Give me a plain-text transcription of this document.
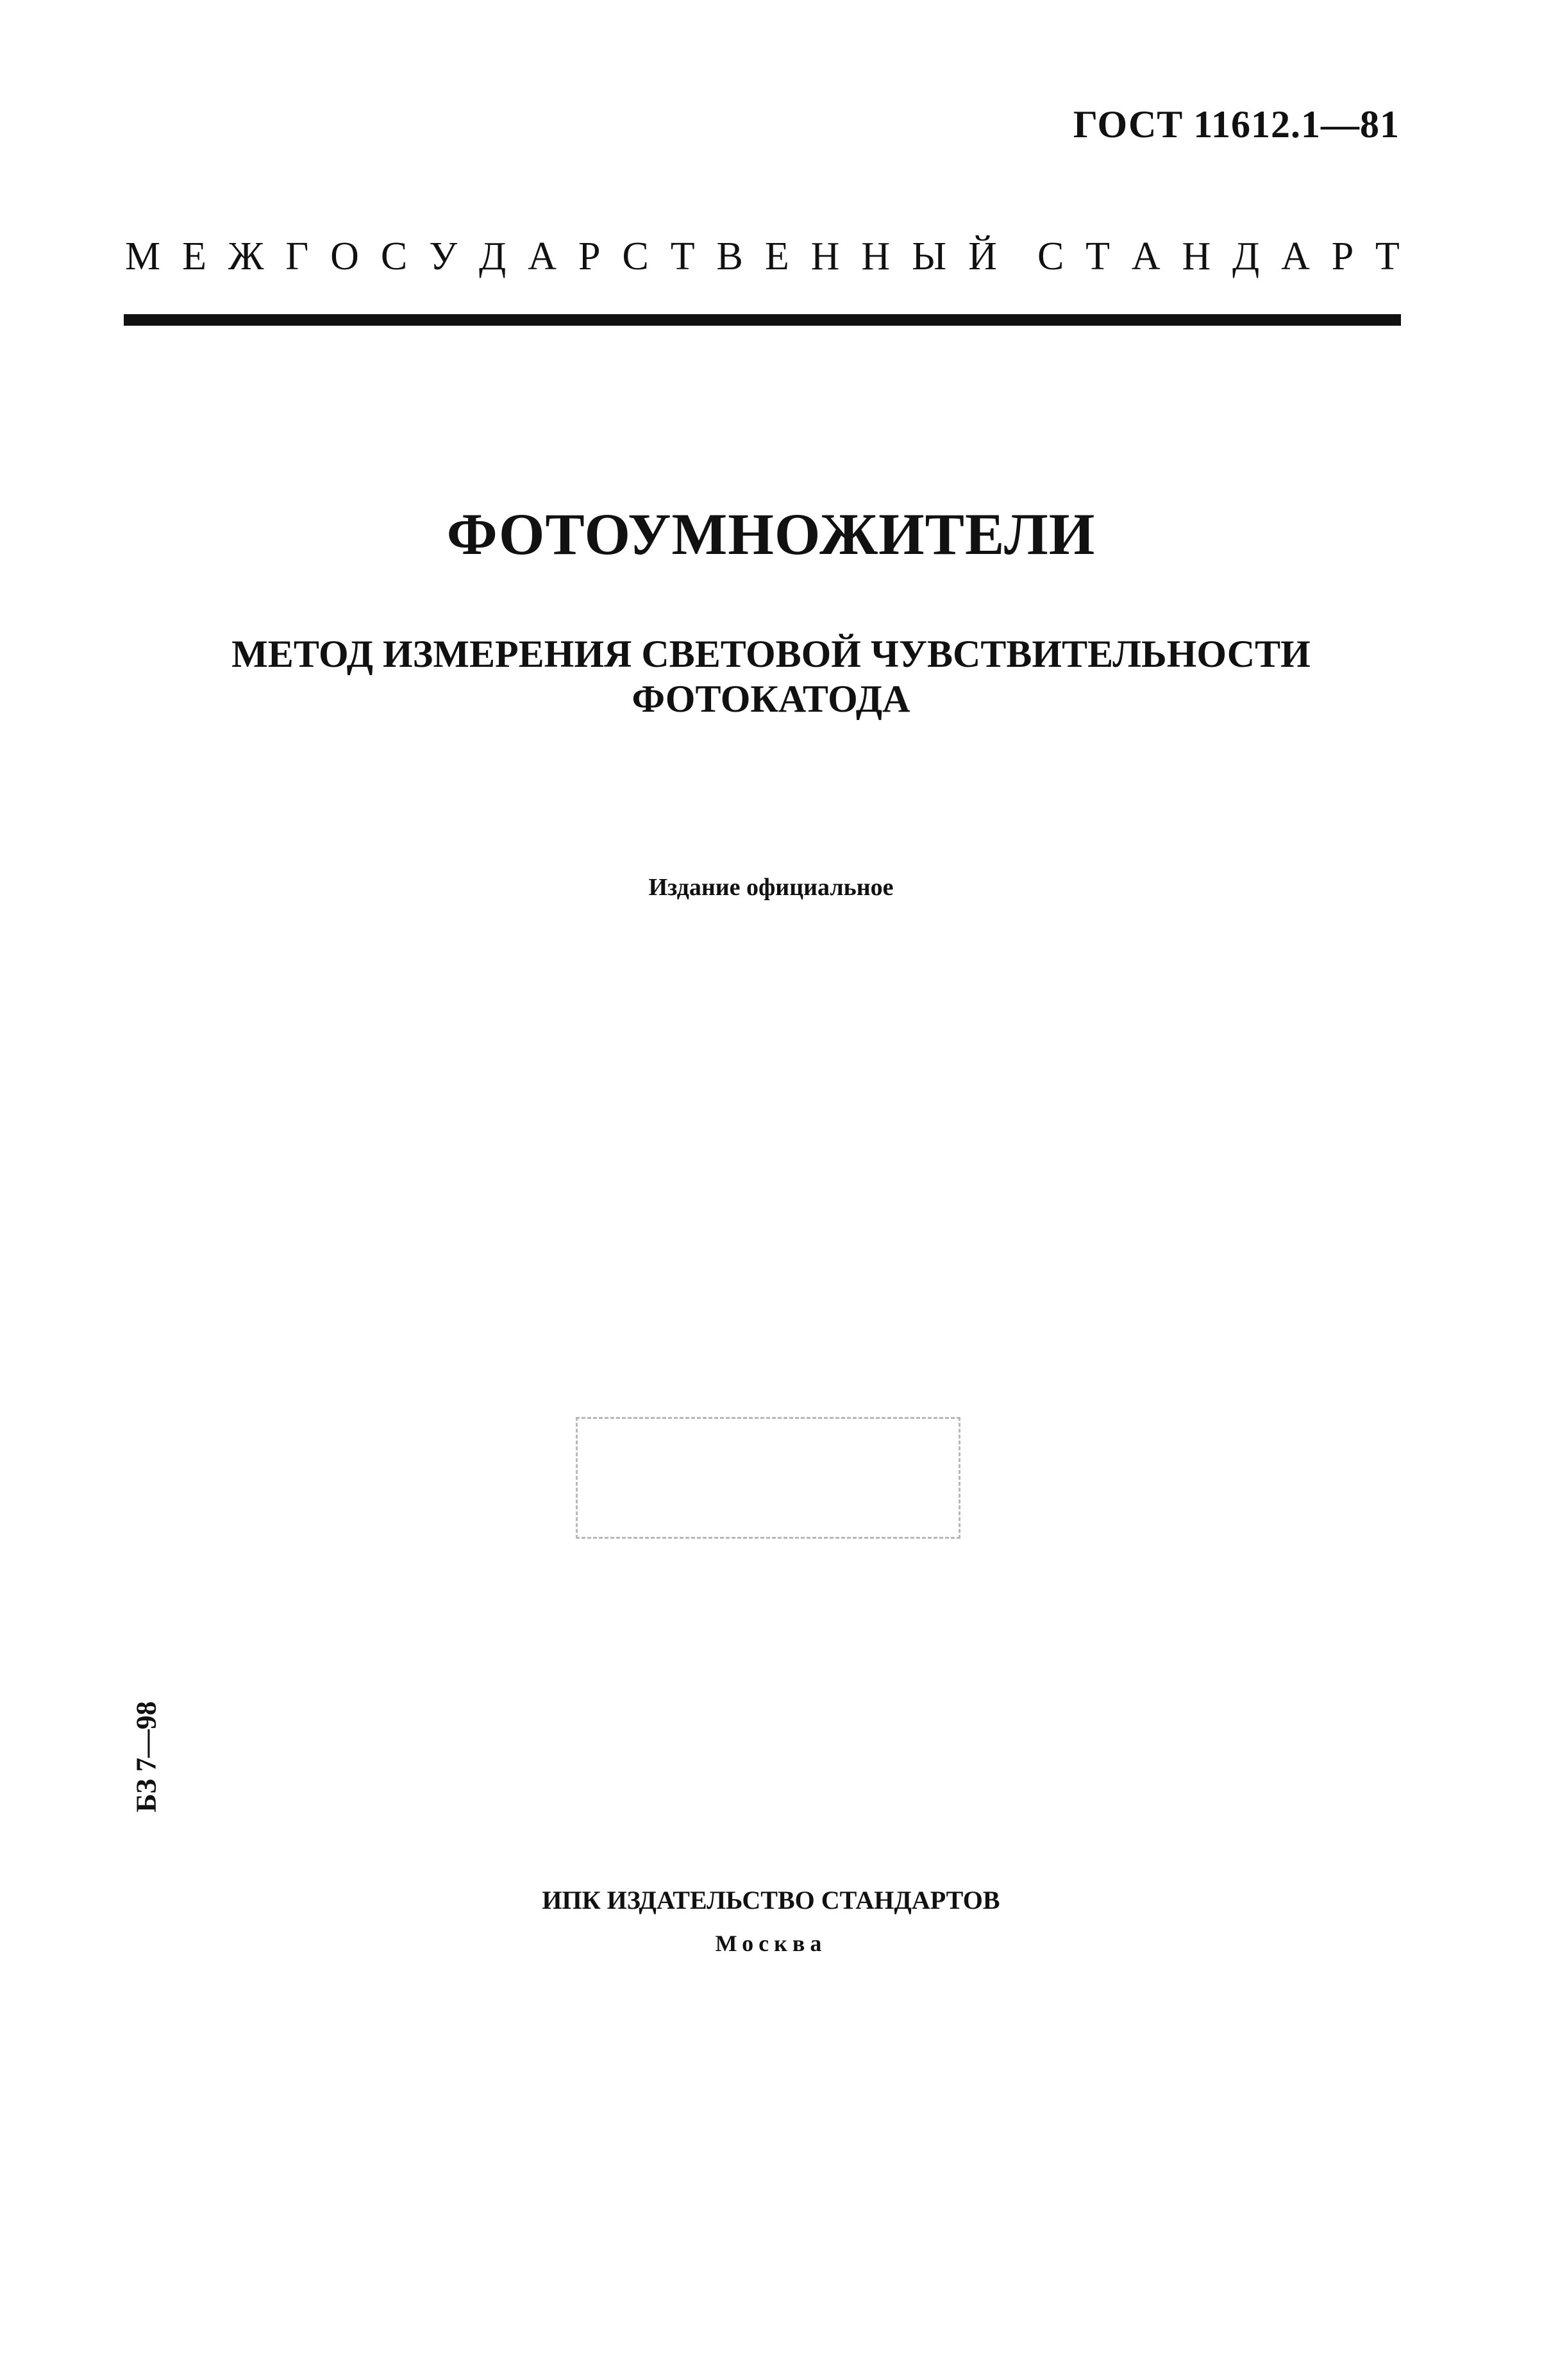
ГОСТ 11612.1—81
М Е Ж Г О С У Д А Р С Т В Е Н Н Ы Й С Т А Н Д А Р Т
ФОТОУМНОЖИТЕЛИ
МЕТОД ИЗМЕРЕНИЯ СВЕТОВОЙ ЧУВСТВИТЕЛЬНОСТИ
ФОТОКАТОДА
Издание официальное
БЗ 7—98
ИПК ИЗДАТЕЛЬСТВО СТАНДАРТОВ
Москва
